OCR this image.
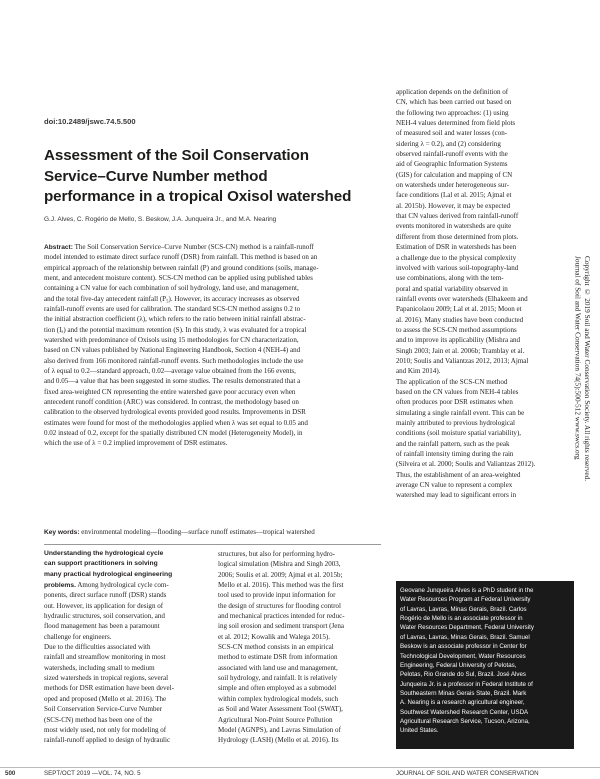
doi:10.2489/jswc.74.5.500
Assessment of the Soil Conservation
Service–Curve Number method
performance in a tropical Oxisol watershed
G.J. Alves, C. Rogério de Mello, S. Beskow, J.A. Junqueira Jr., and M.A. Nearing
Abstract: The Soil Conservation Service–Curve Number (SCS-CN) method is a rainfall-runoff
model intended to estimate direct surface runoff (DSR) from rainfall. This method is based on an
empirical approach of the relationship between rainfall (P) and ground conditions (soils, manage-
ment, and antecedent moisture content). SCS-CN method can be applied using published tables
containing a CN value for each combination of soil hydrology, land use, and management,
and the total five-day antecedent rainfall (P₅). However, its accuracy increases as observed
rainfall-runoff events are used for calibration. The standard SCS-CN method assigns 0.2 to
the initial abstraction coefficient (λ), which refers to the ratio between initial rainfall abstrac-
tion (Iₐ) and the potential maximum retention (S). In this study, λ was evaluated for a tropical
watershed with predominance of Oxisols using 15 methodologies for CN characterization,
based on CN values published by National Engineering Handbook, Section 4 (NEH-4) and
also derived from 166 monitored rainfall-runoff events. Such methodologies include the use
of λ equal to 0.2—standard approach, 0.02—average value obtained from the 166 events,
and 0.05—a value that has been suggested in some studies. The results demonstrated that a
fixed area-weighted CN representing the entire watershed gave poor accuracy even when
antecedent runoff condition (ARC) was considered. In contrast, the methodology based on
calibration to the observed hydrological events provided good results. Improvements in DSR
estimates were found for most of the methodologies applied when λ was set equal to 0.05 and
0.02 instead of 0.2, except for the spatially distributed CN model (Heterogeneity Model), in
which the use of λ = 0.2 implied improvement of DSR estimates.
Key words: environmental modeling—flooding—surface runoff estimates—tropical watershed
Understanding the hydrological cycle
can support practitioners in solving
many practical hydrological engineering
problems. Among hydrological cycle com-
ponents, direct surface runoff (DSR) stands
out. However, its application for design of
hydraulic structures, soil conservation, and
flood management has been a paramount
challenge for engineers.
Due to the difficulties associated with
rainfall and streamflow monitoring in most
watersheds, including small to medium
sized watersheds in tropical regions, several
methods for DSR estimation have been devel-
oped and proposed (Mello et al. 2016). The
Soil Conservation Service-Curve Number
(SCS-CN) method has been one of the
most widely used, not only for modeling of
rainfall-runoff applied to design of hydraulic
structures, but also for performing hydro-
logical simulation (Mishra and Singh 2003,
2006; Soulis et al. 2009; Ajmal et al. 2015b;
Mello et al. 2016). This method was the first
tool used to provide input information for
the design of structures for flooding control
and mechanical practices intended for reduc-
ing soil erosion and sediment transport (Jena
et al. 2012; Kowalik and Walega 2015).
SCS-CN method consists in an empirical
method to estimate DSR from information
associated with land use and management,
soil hydrology, and rainfall. It is relatively
simple and often employed as a submodel
within complex hydrological models, such
as Soil and Water Assessment Tool (SWAT),
Agricultural Non-Point Source Pollution
Model (AGNPS), and Lavras Simulation of
Hydrology (LASH) (Mello et al. 2016). Its
application depends on the definition of
CN, which has been carried out based on
the following two approaches: (1) using
NEH-4 values determined from field plots
of measured soil and water losses (con-
sidering λ = 0.2), and (2) considering
observed rainfall-runoff events with the
aid of Geographic Information Systems
(GIS) for calculation and mapping of CN
on watersheds under heterogeneous sur-
face conditions (Lal et al. 2015; Ajmal et
al. 2015b). However, it may be expected
that CN values derived from rainfall-runoff
events monitored in watersheds are quite
different from those determined from plots.
Estimation of DSR in watersheds has been
a challenge due to the physical complexity
involved with various soil-topography-land
use combinations, along with the tem-
poral and spatial variability observed in
rainfall events over watersheds (Elhakeem and
Papanicolaou 2009; Lal et al. 2015; Moon et
al. 2016). Many studies have been conducted
to assess the SCS-CN method assumptions
and to improve its applicability (Mishra and
Singh 2003; Jain et al. 2006b; Tramblay et al.
2010; Soulis and Valiantzas 2012, 2013; Ajmal
and Kim 2014).
The application of the SCS-CN method
based on the CN values from NEH-4 tables
often produces poor DSR estimates when
simulating a single rainfall event. This can be
mainly attributed to previous hydrological
conditions (soil moisture spatial variability),
and the rainfall pattern, such as the peak
of rainfall intensity timing during the rain
(Silveira et al. 2000; Soulis and Valiantzas 2012).
Thus, the establishment of an area-weighted
average CN value to represent a complex
watershed may lead to significant errors in
Geovane Junqueira Alves is a PhD student in the
Water Resources Program at Federal University
of Lavras, Lavras, Minas Gerais, Brazil. Carlos
Rogério de Mello is an associate professor in
Water Resources Department, Federal University
of Lavras, Lavras, Minas Gerais, Brazil. Samuel
Beskow is an associate professor in Center for
Technological Development, Water Resources
Engineering, Federal University of Pelotas,
Pelotas, Rio Grande do Sul, Brazil. José Alves
Junqueira Jr. is a professor in Federal Institute of
Southeastern Minas Gerais State, Brazil. Mark
A. Nearing is a research agricultural engineer,
Southwest Watershed Research Center, USDA
Agricultural Research Service, Tucson, Arizona,
United States.
Copyright © 2019 Soil and Water Conservation Society. All rights reserved.
Journal of Soil and Water Conservation 74(5):500-512 www.swcs.org
500	SEPT/OCT 2019 —VOL. 74, NO. 5	JOURNAL OF SOIL AND WATER CONSERVATION
